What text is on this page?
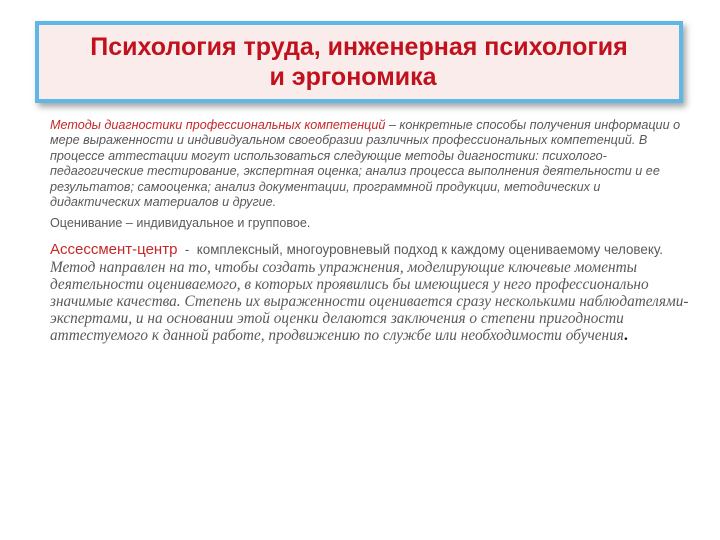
Психология труда, инженерная психология
и эргономика

Методы диагностики профессиональных компетенций – конкретные способы получения информации о мере выраженности и индивидуальном своеобразии различных профессиональных компетенций. В процессе аттестации могут использоваться следующие методы диагностики: психолого-педагогические тестирование, экспертная оценка; анализ процесса выполнения деятельности и ее результатов; самооценка; анализ документации, программной продукции, методических и дидактических материалов и другие.

Оценивание – индивидуальное и групповое.

Ассессмент-центр  -  комплексный, многоуровневый подход к каждому оцениваемому человеку. Метод направлен на то, чтобы создать упражнения, моделирующие ключевые моменты деятельности оцениваемого, в которых проявились бы имеющиеся у него профессионально значимые качества. Степень их выраженности оценивается сразу несколькими наблюдателями-экспертами, и на основании этой оценки делаются заключения о степени пригодности аттестуемого к данной работе, продвижению по службе или необходимости обучения.
